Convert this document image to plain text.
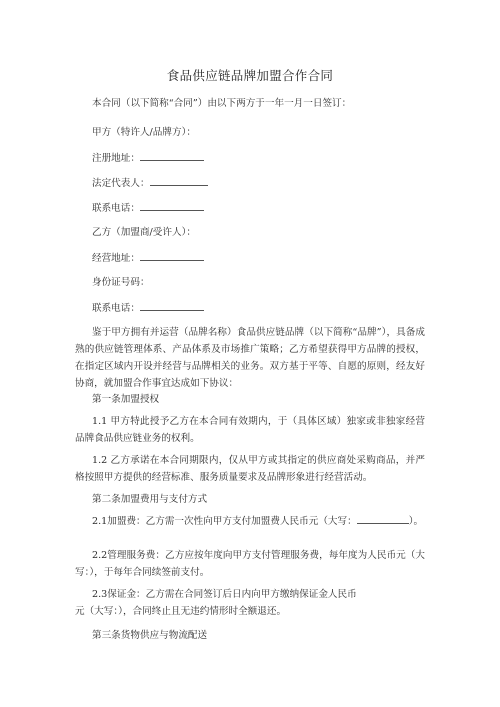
食品供应链品牌加盟合作合同
本合同（以下简称“合同”）由以下两方于一年一月一日签订：
甲方（特许人/品牌方）：
注册地址：
法定代表人：
联系电话：
乙方（加盟商/受许人）：
经营地址：
身份证号码：
联系电话：
鉴于甲方拥有并运营（品牌名称）食品供应链品牌（以下简称“品牌”），具备成熟的供应链管理体系、产品体系及市场推广策略；乙方希望获得甲方品牌的授权，在指定区域内开设并经营与品牌相关的业务。双方基于平等、自愿的原则，经友好协商，就加盟合作事宜达成如下协议：
第一条加盟授权
1.1 甲方特此授予乙方在本合同有效期内，于（具体区域）独家或非独家经营品牌食品供应链业务的权利。
1.2 乙方承诺在本合同期限内，仅从甲方或其指定的供应商处采购商品，并严格按照甲方提供的经营标准、服务质量要求及品牌形象进行经营活动。
第二条加盟费用与支付方式
2.1加盟费：乙方需一次性向甲方支付加盟费人民币元（大写：	）。
2.2管理服务费：乙方应按年度向甲方支付管理服务费，每年度为人民币元（大写：），于每年合同续签前支付。
2.3保证金：乙方需在合同签订后日内向甲方缴纳保证金人民币
元（大写：），合同终止且无违约情形时全额退还。
第三条货物供应与物流配送
